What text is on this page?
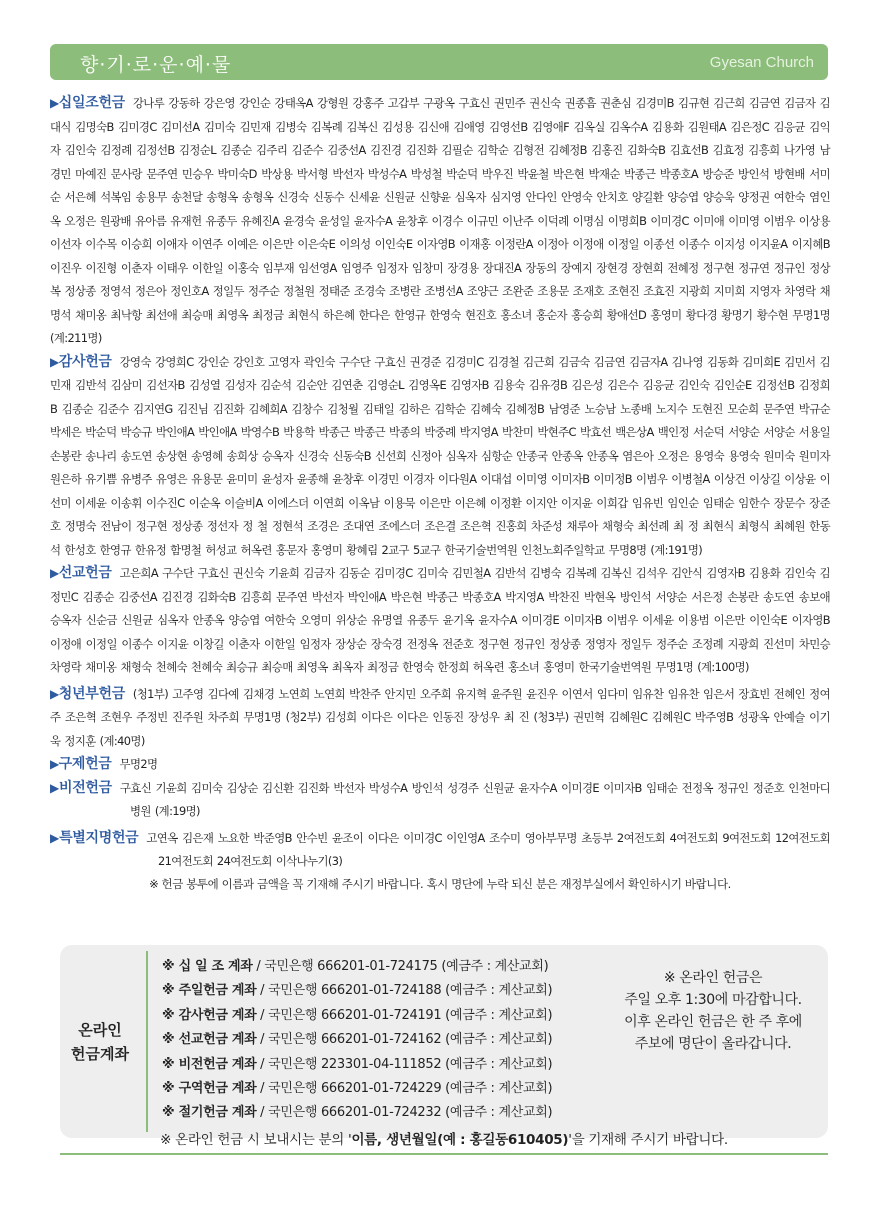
향·기·로·운·예·물	Gyesan Church
▶십일조헌금 강나루 강동하 강은영 강인순 강태옥A 강형원 강홍주 고갑부 구광옥 구효신 권민주 권신숙 권종흠 권춘심 김경미B 김규현 김근희 김금연 김금자 김대식 김명숙B 김미경C 김미선A 김미숙 김민재 김병숙 김복례 김복신 김성용 김신애 김애영 김영선B 김영애F 김옥실 김옥수A 김용화 김원태A 김은정C 김응균 김익자 김인숙 김정례 김정선B 김정순L 김종순 김주리 김준수 김중선A 김진경 김진화 김필순 김학순 김형전 김혜정B 김홍진 김화숙B 김효선B 김효정 김흥희 나가영 남경민 마예진 문사랑 문주연 민승우 박미숙D 박상용 박서형 박선자 박성수A 박성철 박순덕 박우진 박윤철 박은현 박재순 박종근 박종호A 방승준 방인석 방현배 서미순 서은혜 석복임 송용무 송천달 송형옥 송형옥 신경숙 신동수 신세윤 신원균 신향윤 심옥자 심지영 안다인 안영숙 안치호 양길환 양승엽 양승욱 양정권 여한숙 염인옥 오정은 원광배 유아름 유재헌 유종두 유혜진A 윤경숙 윤성일 윤자수A 윤창후 이경수 이규민 이난주 이덕례 이명심 이명희B 이미경C 이미애 이미영 이범우 이상용 이선자 이수목 이승희 이애자 이연주 이예은 이은만 이은숙E 이의성 이인숙E 이자영B 이재홍 이정란A 이정아 이정애 이정일 이종선 이종수 이지성 이지윤A 이지혜B 이진우 이진형 이춘자 이태우 이한일 이홍숙 임부재 임선영A 임영주 임정자 임창미 장경용 장대진A 장동의 장예지 장현경 장현희 전혜정 정구현 정규연 정규인 정상복 정상종 정영석 정은아 정인호A 정일두 정주순 정철원 정태준 조경숙 조병란 조병선A 조양근 조완준 조용문 조재호 조현진 조효진 지광희 지미희 지영자 차영락 채명석 채미옹 최낙항 최선애 최승매 최영옥 최정금 최현식 하은혜 한다은 한영규 한영숙 현진호 홍소녀 홍순자 홍승희 황애선D 홍영미 황다경 황명기 황수현 무명1명 (계:211명)
▶감사헌금 강영숙 강영희C 강인순 강인호 고영자 곽인숙 구수단 구효신 권경준 김경미C 김경철 김근희 김금숙 김금연 김금자A 김나영 김동화 김미희E 김민서 김민재 김반석 김삼미 김선자B 김성열 김성자 김순석 김순안 김연춘 김영순L 김영옥E 김영자B 김용숙 김유경B 김은성 김은수 김응균 김인숙 김인순E 김정선B 김정희B 김종순 김준수 김지연G 김진님 김진화 김혜희A 김창수 김청월 김태일 김하은 김학순 김혜숙 김혜정B 남영준 노승남 노종배 노지수 도현진 모순희 문주연 박규순 박세은 박순덕 박승규 박인애A 박인애A 박영수B 박용학 박종근 박종근 박종의 박중례 박지영A 박찬미 박현주C 박효선 백은상A 백인정 서순덕 서양순 서양순 서용일 손봉란 송나리 송도연 송상현 송영혜 송희상 승옥자 신경숙 신동숙B 신선희 신정아 심옥자 심항순 안종국 안종옥 안종옥 염은아 오정은 용영숙 용영숙 원미숙 원미자 원은하 유기쁨 유병주 유영은 유용문 윤미미 윤성자 윤종해 윤창후 이경민 이경자 이다원A 이대섭 이미영 이미자B 이미정B 이범우 이병철A 이상건 이상길 이상윤 이선미 이세윤 이송휘 이수진C 이순옥 이슬비A 이에스더 이연희 이옥남 이용묵 이은만 이은혜 이정환 이지안 이지윤 이희갑 임유빈 임인순 임태순 임한수 장문수 장준호 정명숙 전남이 정구현 정상종 정선자 정 철 정현석 조경은 조대연 조에스더 조은결 조은혁 진홍희 차준성 채루아 채형숙 최선례 최 정 최현식 최형식 최혜원 한동석 한성호 한영규 한유정 함명철 허성교 허옥련 홍문자 홍영미 황혜림 2교구 5교구 한국기술번역원 인천노회주일학교 무명8명 (계:191명)
▶선교헌금 고은희A 구수단 구효신 권신숙 기윤희 김금자 김동순 김미경C 김미숙 김민철A 김반석 김병숙 김복례 김복신 김석우 김안식 김영자B 김용화 김인숙 김정민C 김종순 김중선A 김진경 김화숙B 김흥희 문주연 박선자 박인애A 박은현 박종근 박종호A 박지영A 박찬진 박현옥 방인석 서양순 서은정 손봉란 송도연 송보애 승옥자 신순금 신원균 심옥자 안종옥 양승엽 여한숙 오영미 위상순 유명열 유종두 윤기옥 윤자수A 이미경E 이미자B 이범우 이세윤 이용범 이은만 이인숙E 이자영B 이정애 이정일 이종수 이지윤 이창길 이춘자 이한일 임정자 장상순 장숙경 전정옥 전준호 정구현 정규인 정상종 정영자 정일두 정주순 조정례 지광희 진선미 차민승 차영락 채미옹 채형숙 천혜숙 천혜숙 최승규 최승매 최영옥 최옥자 최정금 한영숙 한정희 허옥련 홍소녀 홍영미 한국기술번역원 무명1명 (계:100명)
▶청년부헌금 (청1부) 고주영 김다예 김채경 노연희 노연희 박찬주 안지민 오주희 유지혁 윤주원 윤진우 이연서 임다미 임유찬 임유찬 임은서 장효빈 전혜인 정여주 조은혁 조현우 주정빈 진주원 차주희 무명1명 (청2부) 김성희 이다은 이다은 인동진 장성우 최 진 (청3부) 권민혁 김혜원C 김혜원C 박주영B 성광옥 안예슬 이기욱 정지훈 (계:40명)
▶구제헌금 무명2명
▶비전헌금 구효신 기윤희 김미숙 김상순 김신환 김진화 박선자 박성수A 방인석 성경주 신원균 윤자수A 이미경E 이미자B 임태순 전정옥 정규인 정준호 인천마디병원 (계:19명)
▶특별지명헌금 고연옥 김은재 노요한 박준영B 안수빈 윤조이 이다은 이미경C 이인영A 조수미 영아부무명 초등부 2여전도회 4여전도회 9여전도회 12여전도회 21여전도회 24여전도회 이삭나누기(3)
※ 헌금 봉투에 이름과 금액을 꼭 기재해 주시기 바랍니다. 혹시 명단에 누락 되신 분은 재정부실에서 확인하시기 바랍니다.
온라인
헌금계좌
※ 십 일 조 계좌 / 국민은행 666201-01-724175 (예금주 : 계산교회)
※ 주일헌금 계좌 / 국민은행 666201-01-724188 (예금주 : 계산교회)
※ 감사헌금 계좌 / 국민은행 666201-01-724191 (예금주 : 계산교회)
※ 선교헌금 계좌 / 국민은행 666201-01-724162 (예금주 : 계산교회)
※ 비전헌금 계좌 / 국민은행 223301-04-111852 (예금주 : 계산교회)
※ 구역헌금 계좌 / 국민은행 666201-01-724229 (예금주 : 계산교회)
※ 절기헌금 계좌 / 국민은행 666201-01-724232 (예금주 : 계산교회)
※ 온라인 헌금은
주일 오후 1:30에 마감합니다.
이후 온라인 헌금은 한 주 후에
주보에 명단이 올라갑니다.
※ 온라인 헌금 시 보내시는 분의 '이름, 생년월일(예 : 홍길동610405)'을 기재해 주시기 바랍니다.
